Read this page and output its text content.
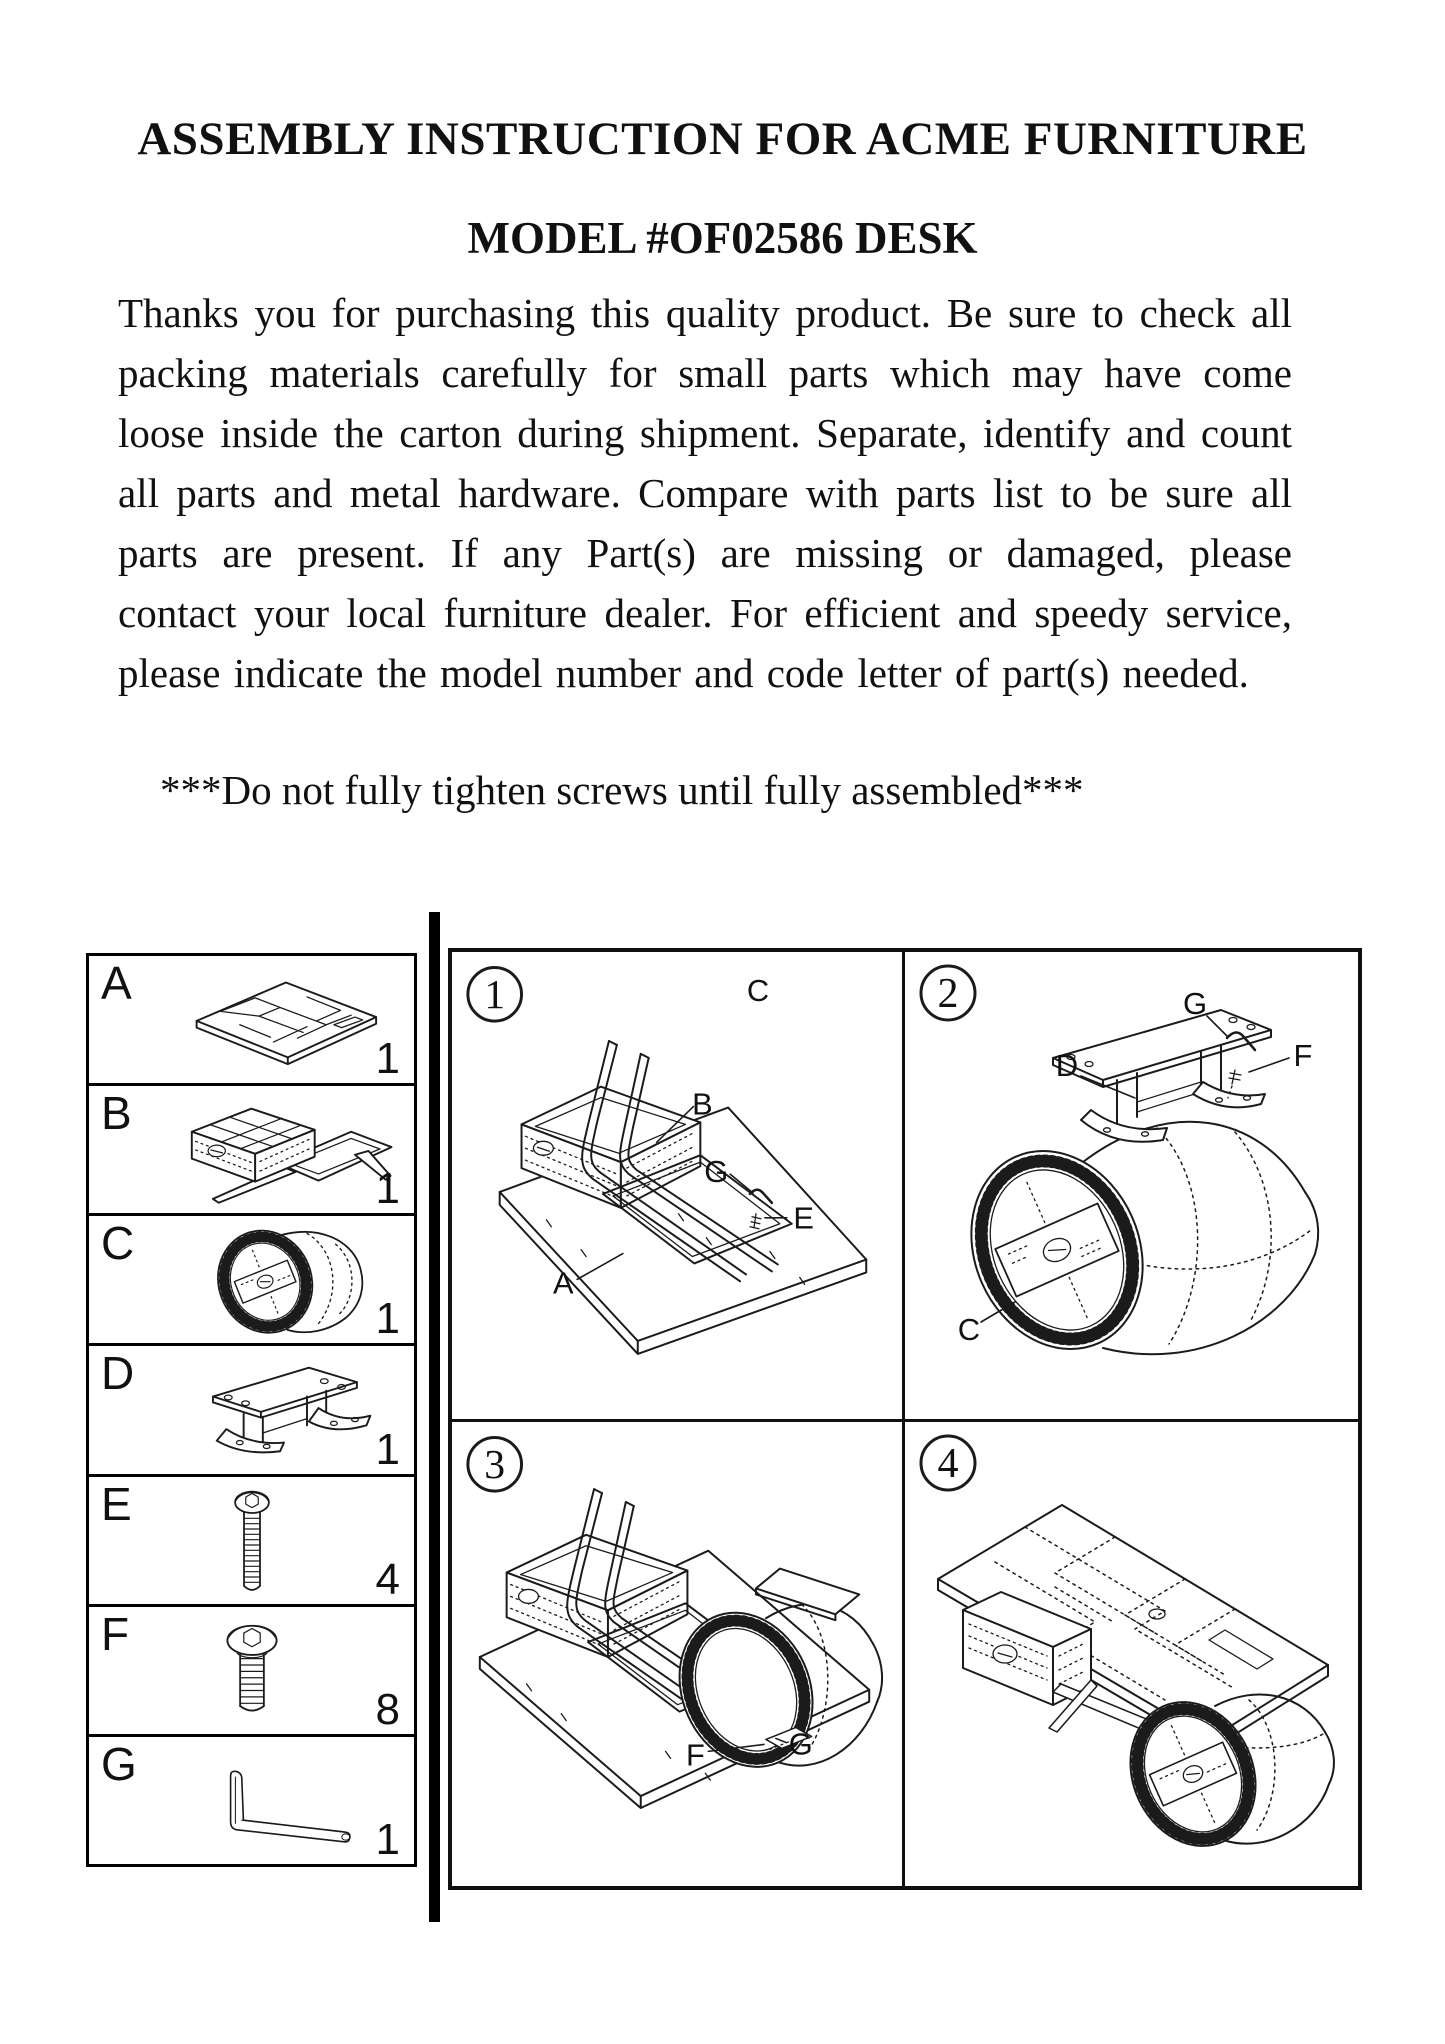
ASSEMBLY INSTRUCTION FOR ACME FURNITURE
MODEL #OF02586 DESK

Thanks you for purchasing this quality product. Be sure to check all packing materials carefully for small parts which may have come loose inside the carton during shipment. Separate, identify and count all parts and metal hardware. Compare with parts list to be sure all parts are present. If any Part(s) are missing or damaged, please contact your local furniture dealer. For efficient and speedy service, please indicate the model number and code letter of part(s) needed.

***Do not fully tighten screws until fully assembled***

A
1
B
1
C
1
D
1
E
4
F
8
G
1
1	C
B
G
E
A
2	G
F
D
C
3
F	G
4
